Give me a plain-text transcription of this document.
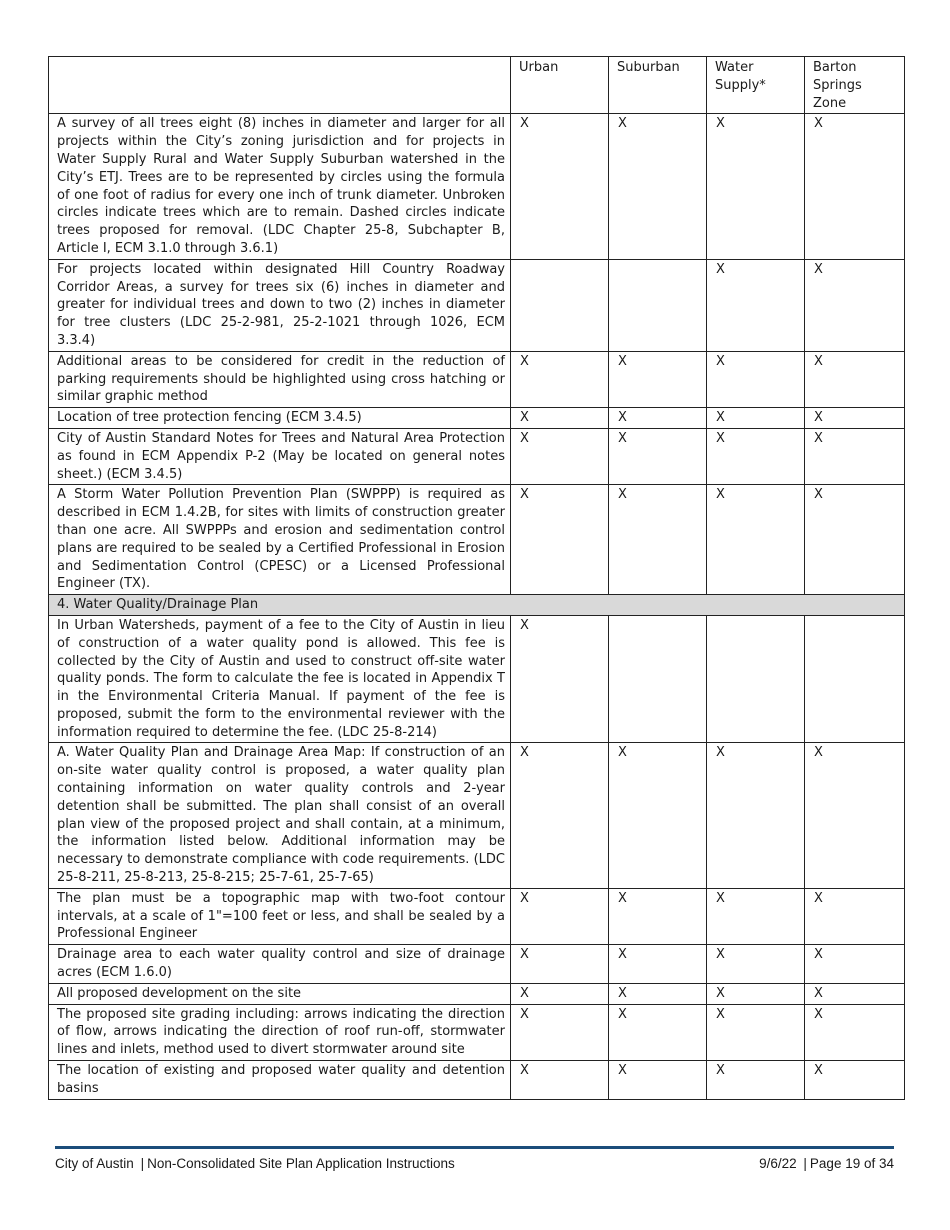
	Urban	Suburban	Water Supply*	Barton Springs Zone
A survey of all trees eight (8) inches in diameter and larger for all projects within the City’s zoning jurisdiction and for projects in Water Supply Rural and Water Supply Suburban watershed in the City’s ETJ. Trees are to be represented by circles using the formula of one foot of radius for every one inch of trunk diameter. Unbroken circles indicate trees which are to remain. Dashed circles indicate trees proposed for removal. (LDC Chapter 25-8, Subchapter B, Article I, ECM 3.1.0 through 3.6.1)	X	X	X	X
For projects located within designated Hill Country Roadway Corridor Areas, a survey for trees six (6) inches in diameter and greater for individual trees and down to two (2) inches in diameter for tree clusters (LDC 25-2-981, 25-2-1021 through 1026, ECM 3.3.4)			X	X
Additional areas to be considered for credit in the reduction of parking requirements should be highlighted using cross hatching or similar graphic method	X	X	X	X
Location of tree protection fencing (ECM 3.4.5)	X	X	X	X
City of Austin Standard Notes for Trees and Natural Area Protection as found in ECM Appendix P-2 (May be located on general notes sheet.) (ECM 3.4.5)	X	X	X	X
A Storm Water Pollution Prevention Plan (SWPPP) is required as described in ECM 1.4.2B, for sites with limits of construction greater than one acre. All SWPPPs and erosion and sedimentation control plans are required to be sealed by a Certified Professional in Erosion and Sedimentation Control (CPESC) or a Licensed Professional Engineer (TX).	X	X	X	X
4. Water Quality/Drainage Plan				
In Urban Watersheds, payment of a fee to the City of Austin in lieu of construction of a water quality pond is allowed. This fee is collected by the City of Austin and used to construct off-site water quality ponds. The form to calculate the fee is located in Appendix T in the Environmental Criteria Manual. If payment of the fee is proposed, submit the form to the environmental reviewer with the information required to determine the fee. (LDC 25-8-214)	X			
A. Water Quality Plan and Drainage Area Map: If construction of an on-site water quality control is proposed, a water quality plan containing information on water quality controls and 2-year detention shall be submitted. The plan shall consist of an overall plan view of the proposed project and shall contain, at a minimum, the information listed below. Additional information may be necessary to demonstrate compliance with code requirements. (LDC 25-8-211, 25-8-213, 25-8-215; 25-7-61, 25-7-65)	X	X	X	X
The plan must be a topographic map with two-foot contour intervals, at a scale of 1"=100 feet or less, and shall be sealed by a Professional Engineer	X	X	X	X
Drainage area to each water quality control and size of drainage acres (ECM 1.6.0)	X	X	X	X
All proposed development on the site	X	X	X	X
The proposed site grading including: arrows indicating the direction of flow, arrows indicating the direction of roof run-off, stormwater lines and inlets, method used to divert stormwater around site	X	X	X	X
The location of existing and proposed water quality and detention basins	X	X	X	X
City of Austin | Non-Consolidated Site Plan Application Instructions	9/6/22 | Page 19 of 34
